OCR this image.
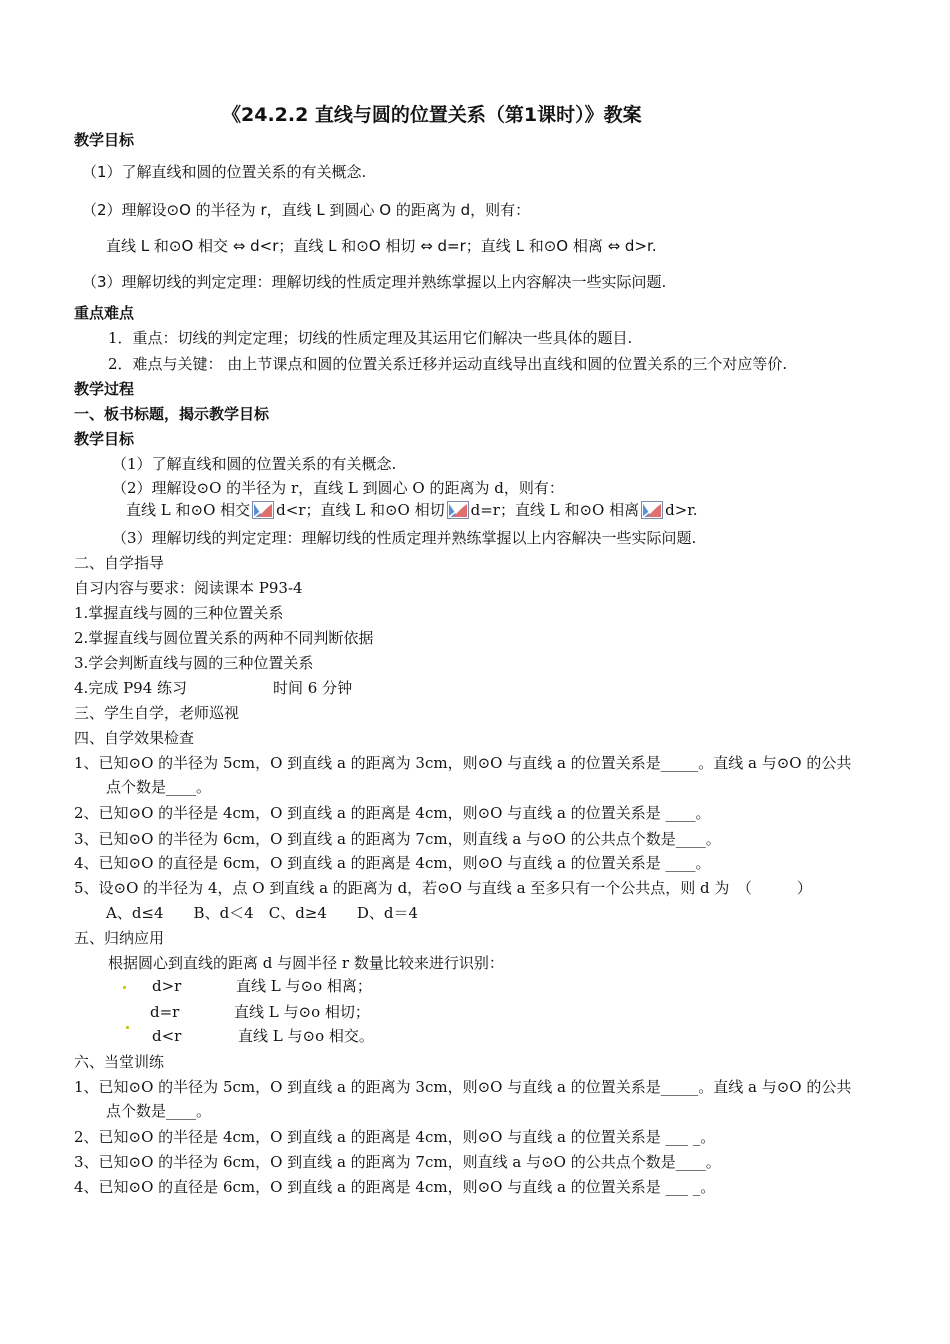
《24.2.2 直线与圆的位置关系（第1课时）》教案
教学目标
（1）了解直线和圆的位置关系的有关概念.
（2）理解设⊙O 的半径为 r，直线 L 到圆心 O 的距离为 d，则有：
直线 L 和⊙O 相交 ⇔ d<r；直线 L 和⊙O 相切 ⇔ d=r；直线 L 和⊙O 相离 ⇔ d>r.
（3）理解切线的判定定理：理解切线的性质定理并熟练掌握以上内容解决一些实际问题.
重点难点
1．重点：切线的判定定理；切线的性质定理及其运用它们解决一些具体的题目.
2．难点与关键： 由上节课点和圆的位置关系迁移并运动直线导出直线和圆的位置关系的三个对应等价.
教学过程
一、板书标题，揭示教学目标
教学目标
（1）了解直线和圆的位置关系的有关概念.
（2）理解设⊙O 的半径为 r，直线 L 到圆心 O 的距离为 d，则有：
直线 L 和⊙O 相交 d<r；直线 L 和⊙O 相切 d=r；直线 L 和⊙O 相离 d>r.
（3）理解切线的判定定理：理解切线的性质定理并熟练掌握以上内容解决一些实际问题.
二、自学指导
自习内容与要求：阅读课本 P93-4
1.掌握直线与圆的三种位置关系
2.掌握直线与圆位置关系的两种不同判断依据
3.学会判断直线与圆的三种位置关系
4.完成 P94 练习	时间 6 分钟
三、学生自学，老师巡视
四、自学效果检查
1、已知⊙O 的半径为 5cm，O 到直线 a 的距离为 3cm，则⊙O 与直线 a 的位置关系是_____。直线 a 与⊙O 的公共
点个数是____。
2、已知⊙O 的半径是 4cm，O 到直线 a 的距离是 4cm，则⊙O 与直线 a 的位置关系是 ____。
3、已知⊙O 的半径为 6cm，O 到直线 a 的距离为 7cm，则直线 a 与⊙O 的公共点个数是____。
4、已知⊙O 的直径是 6cm，O 到直线 a 的距离是 4cm，则⊙O 与直线 a 的位置关系是 ____。
5、设⊙O 的半径为 4，点 O 到直线 a 的距离为 d，若⊙O 与直线 a 至多只有一个公共点，则 d 为　（　　　）
A、d≤4　　B、d＜4　C、d≥4　　D、d＝4
五、归纳应用
根据圆心到直线的距离 d 与圆半径 r 数量比较来进行识别：
d>r	直线 L 与⊙o 相离；
d=r	直线 L 与⊙o 相切；
d<r	直线 L 与⊙o 相交。
六、当堂训练
1、已知⊙O 的半径为 5cm，O 到直线 a 的距离为 3cm，则⊙O 与直线 a 的位置关系是_____。直线 a 与⊙O 的公共
点个数是____。
2、已知⊙O 的半径是 4cm，O 到直线 a 的距离是 4cm，则⊙O 与直线 a 的位置关系是 ___ _。
3、已知⊙O 的半径为 6cm，O 到直线 a 的距离为 7cm，则直线 a 与⊙O 的公共点个数是____。
4、已知⊙O 的直径是 6cm，O 到直线 a 的距离是 4cm，则⊙O 与直线 a 的位置关系是 ___ _。
